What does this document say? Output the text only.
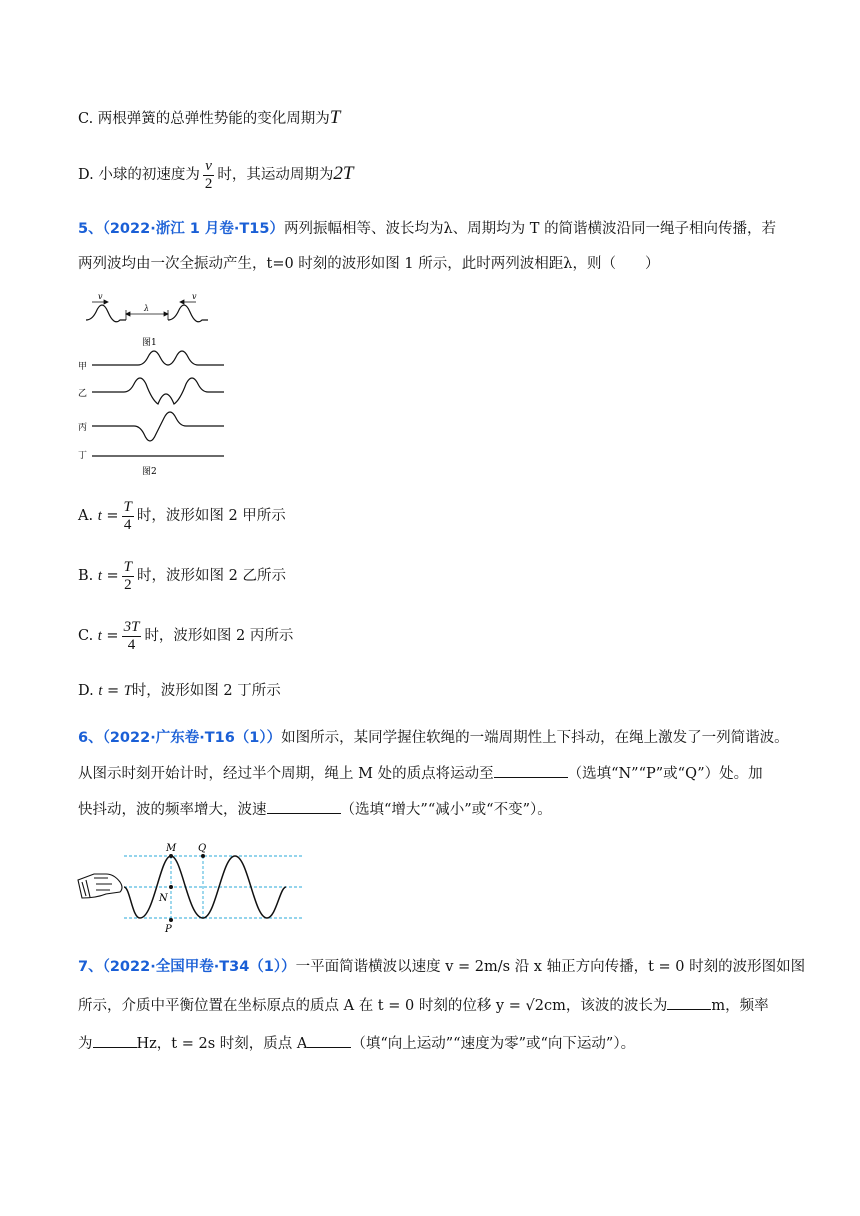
C. 两根弹簧的总弹性势能的变化周期为T
D. 小球的初速度为 $\frac{v}{2}$ 时，其运动周期为2T
5、（2022·浙江 1 月卷·T15）两列振幅相等、波长均为λ、周期均为 T 的简谐横波沿同一绳子相向传播，若
两列波均由一次全振动产生，t=0 时刻的波形如图 1 所示，此时两列波相距λ，则（　　）
v	v
λ
图1
甲
乙
丙
丁
图2
A. $t = \frac{T}{4}$ 时，波形如图 2 甲所示
B. $t = \frac{T}{2}$ 时，波形如图 2 乙所示
C. $t = \frac{3T}{4}$ 时，波形如图 2 丙所示
D. t = T时，波形如图 2 丁所示
6、（2022·广东卷·T16（1））如图所示，某同学握住软绳的一端周期性上下抖动，在绳上激发了一列简谐波。
从图示时刻开始计时，经过半个周期，绳上 M 处的质点将运动至	（选填“N”“P”或“Q”）处。加
快抖动，波的频率增大，波速	（选填“增大”“减小”或“不变”）。
M Q
N
P
7、（2022·全国甲卷·T34（1））一平面简谐横波以速度 v = 2m/s 沿 x 轴正方向传播，t = 0 时刻的波形图如图
所示，介质中平衡位置在坐标原点的质点 A 在 t = 0 时刻的位移 y = √2cm，该波的波长为	m，频率
为	Hz，t = 2s 时刻，质点 A	（填“向上运动”“速度为零”或“向下运动”）。
